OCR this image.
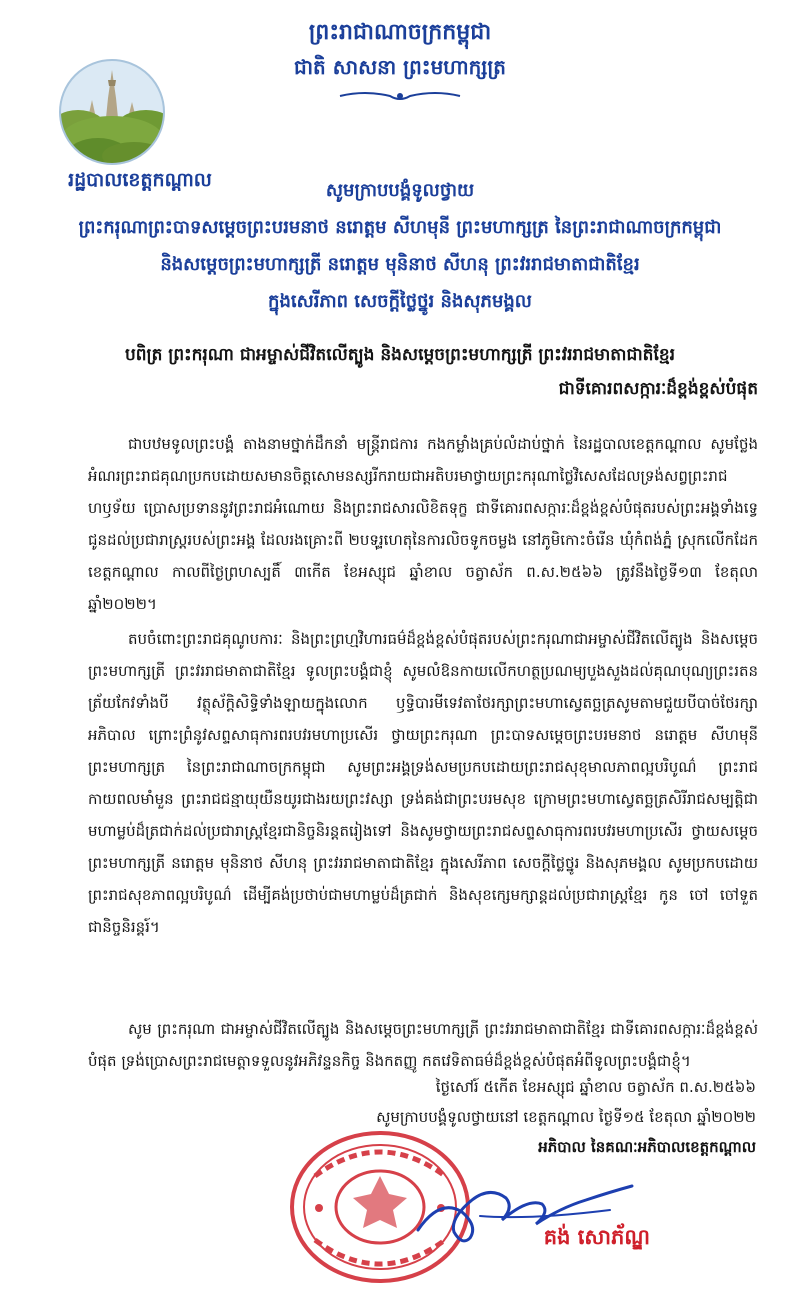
ព្រះរាជាណាចក្រកម្ពុជា
ជាតិ សាសនា ព្រះមហាក្សត្រ
រដ្ឋបាលខេត្តកណ្ដាល	សូមក្រាបបង្គំទូលថ្វាយ
ព្រះករុណាព្រះបាទសម្ដេចព្រះបរមនាថ នរោត្តម សីហមុនី ព្រះមហាក្សត្រ នៃព្រះរាជាណាចក្រកម្ពុជា
និងសម្ដេចព្រះមហាក្សត្រី នរោត្តម មុនិនាថ សីហនុ ព្រះវររាជមាតាជាតិខ្មែរ
ក្នុងសេរីភាព សេចក្ដីថ្លៃថ្នូរ និងសុភមង្គល
បពិត្រ ព្រះករុណា ជាអម្ចាស់ជីវិតលើត្បូង និងសម្ដេចព្រះមហាក្សត្រី ព្រះវររាជមាតាជាតិខ្មែរ
ជាទីគោរពសក្ការៈដ៏ខ្ពង់ខ្ពស់បំផុត
ជាបឋមទូលព្រះបង្គំ តាងនាមថ្នាក់ដឹកនាំ មន្រ្តីរាជការ កងកម្លាំងគ្រប់លំដាប់ថ្នាក់ នៃរដ្ឋបាលខេត្តកណ្ដាល សូមថ្លែងអំណរព្រះរាជគុណប្រកបដោយសមានចិត្តសោមនស្សរីករាយជាអតិបរមាថ្វាយព្រះករុណាថ្លៃវិសេសដែលទ្រង់សព្វព្រះរាជហឫទ័យ ប្រោសប្រទាននូវព្រះរាជអំណោយ និងព្រះរាជសារលិខិតទុក្ខ ជាទីគោរពសក្ការៈដ៏ខ្ពង់ខ្ពស់បំផុតរបស់ព្រះអង្គទាំងទ្វេ ជូនដល់ប្រជារាស្ត្ររបស់ព្រះអង្គ ដែលរងគ្រោះពី ២បទុរ្ទហេតុនៃការលិចទូកចម្លង នៅភូមិកោះចំរើន ឃុំកំពង់ភ្នំ ស្រុកលើកដែក ខេត្តកណ្ដាល កាលពីថ្ងៃព្រហស្បតិ៍ ៣កើត ខែអស្សុជ ឆ្នាំខាល ចត្វាស័ក ព.ស.២៥៦៦ ត្រូវនឹងថ្ងៃទី១៣ ខែតុលា ឆ្នាំ២០២២។
តបចំពោះព្រះរាជគុណូបការៈ និងព្រះព្រហ្មវិហារធម៌ដ៏ខ្ពង់ខ្ពស់បំផុតរបស់ព្រះករុណាជាអម្ចាស់ជីវិតលើត្បូង និងសម្ដេចព្រះមហាក្សត្រី ព្រះវររាជមាតាជាតិខ្មែរ ទូលព្រះបង្គំជាខ្ញុំ សូមលំឱនកាយលើកហត្ថប្រណម្យបួងសួងដល់គុណបុណ្យព្រះរតនត្រ័យកែវទាំងបី វត្ថុស័ក្តិសិទ្ធិទាំងឡាយក្នុងលោក ឫទ្ធិបារមីទេវតាថែរក្សាព្រះមហាស្វេតច្ឆត្រសូមតាមជួយបីបាច់ថែរក្សាអភិបាល ព្រោះព្រំនូវសព្ទសាធុការពរបវរមហាប្រសើរ ថ្វាយព្រះករុណា ព្រះបាទសម្ដេចព្រះបរមនាថ នរោត្តម សីហមុនី ព្រះមហាក្សត្រ នៃព្រះរាជាណាចក្រកម្ពុជា សូមព្រះអង្គទ្រង់សមប្រកបដោយព្រះរាជសុខុមាលភាពល្អបរិបូណ៌ ព្រះរាជកាយពលមាំមួន ព្រះរាជជន្មាយុយឺនយូរជាងរយព្រះវស្សា ទ្រង់គង់ជាព្រះបរមសុខ ក្រោមព្រះមហាស្វេតច្ឆត្រសិរីរាជសម្បត្តិជាមហាម្លប់ដ៏ត្រជាក់ដល់ប្រជារាស្ត្រខ្មែរជានិច្ចនិរន្តតរៀងទៅ និងសូមថ្វាយព្រះរាជសព្ទសាធុការពរបវរមហាប្រសើរ ថ្វាយសម្ដេចព្រះមហាក្សត្រី នរោត្តម មុនិនាថ សីហនុ ព្រះវររាជមាតាជាតិខ្មែរ ក្នុងសេរីភាព សេចក្ដីថ្លៃថ្នូរ និងសុភមង្គល សូមប្រកបដោយព្រះរាជសុខភាពល្អបរិបូណ៌ ដើម្បីគង់ប្រថាប់ជាមហាម្លប់ដ៏ត្រជាក់ និងសុខក្សេមក្សាន្តដល់ប្រជារាស្ត្រខ្មែរ កូន ចៅ ចៅទួត ជានិច្ចនិរន្តរ៍។
សូម ព្រះករុណា ជាអម្ចាស់ជីវិតលើត្បូង និងសម្ដេចព្រះមហាក្សត្រី ព្រះវររាជមាតាជាតិខ្មែរ ជាទីគោរពសក្ការៈដ៏ខ្ពង់ខ្ពស់បំផុត ទ្រង់ប្រោសព្រះរាជមេត្តាទទួលនូវអភិវន្ទនកិច្ច និងកតញ្ញូ កតវេទិតាធម៌ដ៏ខ្ពង់ខ្ពស់បំផុតអំពីទូលព្រះបង្គំជាខ្ញុំ។
ថ្ងៃសៅរ៍ ៥កើត ខែអស្សុជ ឆ្នាំខាល ចត្វាស័ក ព.ស.២៥៦៦
សូមក្រាបបង្គំទូលថ្វាយនៅ ខេត្តកណ្ដាល ថ្ងៃទី១៥ ខែតុលា ឆ្នាំ២០២២
អភិបាល នៃគណៈអភិបាលខេត្តកណ្ដាល
គង់ សោភ័ណ្ឌ
